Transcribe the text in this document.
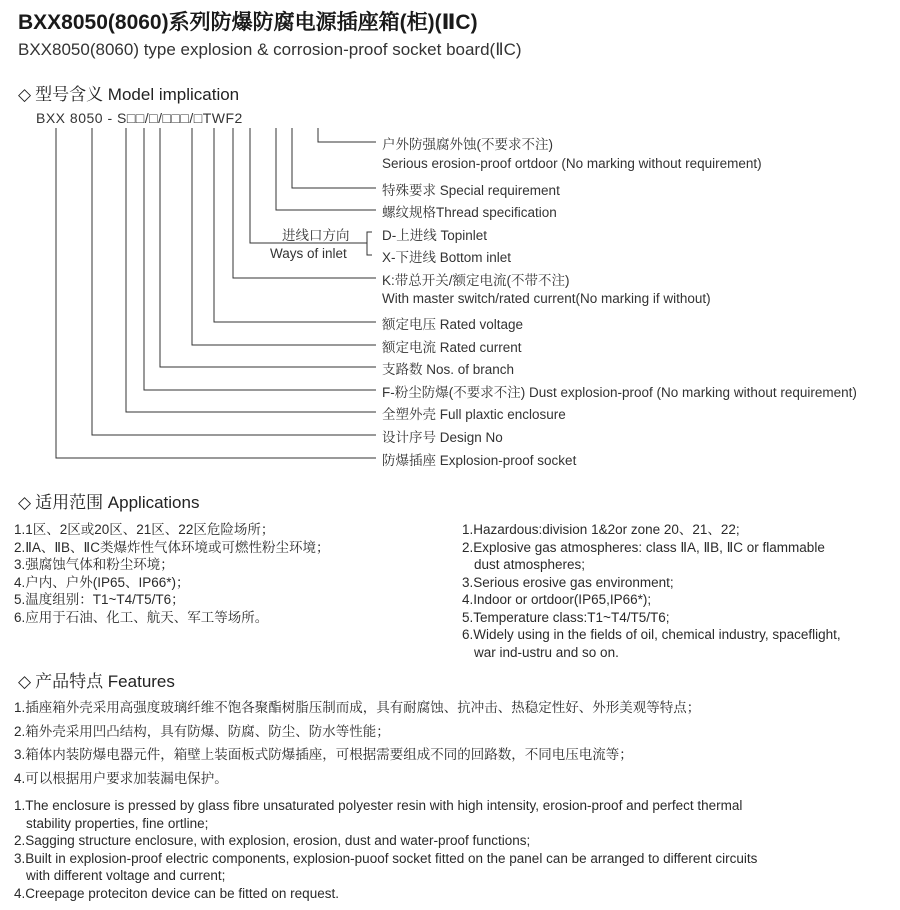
BXX8050(8060)系列防爆防腐电源插座箱(柜)(ⅡC)
BXX8050(8060) type explosion & corrosion-proof socket board(ⅡC)
◇ 型号含义 Model implication
BXX 8050 - S□□/□/□□□/□TWF2
进线口方向
Ways of inlet
户外防强腐外蚀(不要求不注)
Serious erosion-proof ortdoor (No marking without requirement)
特殊要求 Special requirement
螺纹规格Thread specification
D-上进线 Topinlet
X-下进线 Bottom inlet
K:带总开关/额定电流(不带不注)
With master switch/rated current(No marking if without)
额定电压 Rated voltage
额定电流 Rated current
支路数 Nos. of branch
F-粉尘防爆(不要求不注) Dust explosion-proof (No marking without requirement)
全塑外壳 Full plaxtic enclosure
设计序号 Design No
防爆插座 Explosion-proof socket
◇ 适用范围 Applications
1.1区、2区或20区、21区、22区危险场所；
2.ⅡA、ⅡB、ⅡC类爆炸性气体环境或可燃性粉尘环境；
3.强腐蚀气体和粉尘环境；
4.户内、户外(IP65、IP66*)；
5.温度组别：T1~T4/T5/T6；
6.应用于石油、化工、航天、军工等场所。
1.Hazardous:division 1&2or zone 20、21、22;
2.Explosive gas atmospheres: class ⅡA, ⅡB, ⅡC or flammable
dust atmospheres;
3.Serious erosive gas environment;
4.Indoor or ortdoor(IP65,IP66*);
5.Temperature class:T1~T4/T5/T6;
6.Widely using in the fields of oil, chemical industry, spaceflight,
war ind-ustru and so on.
◇ 产品特点 Features
1.插座箱外壳采用高强度玻璃纤维不饱各聚酯树脂压制而成，具有耐腐蚀、抗冲击、热稳定性好、外形美观等特点；
2.箱外壳采用凹凸结构，具有防爆、防腐、防尘、防水等性能；
3.箱体内装防爆电器元件，箱壁上装面板式防爆插座，可根据需要组成不同的回路数，不同电压电流等；
4.可以根据用户要求加装漏电保护。
1.The enclosure is pressed by glass fibre unsaturated polyester resin with high intensity, erosion-proof and perfect thermal
stability properties, fine ortline;
2.Sagging structure enclosure, with explosion, erosion, dust and water-proof functions;
3.Built in explosion-proof electric components, explosion-puoof socket fitted on the panel can be arranged to different circuits
with different voltage and current;
4.Creepage proteciton device can be fitted on request.
